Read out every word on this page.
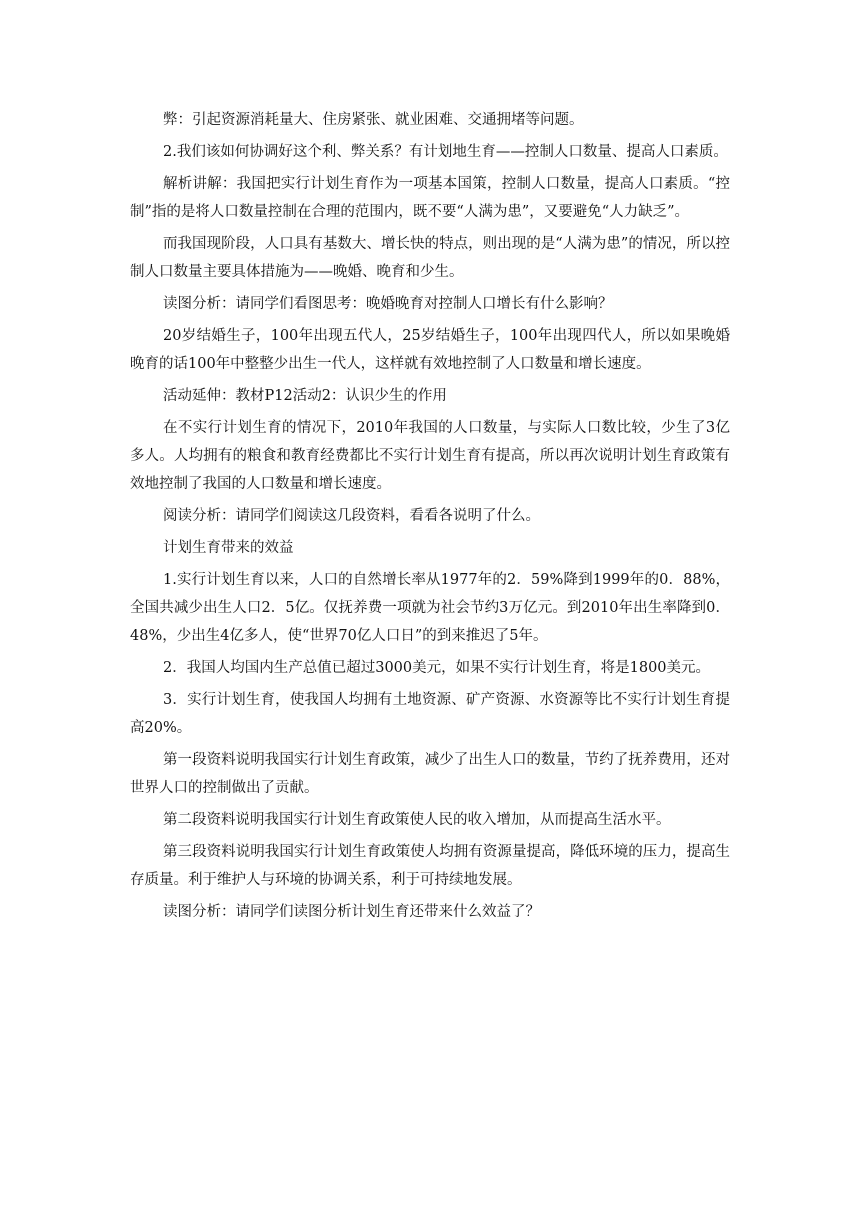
弊：引起资源消耗量大、住房紧张、就业困难、交通拥堵等问题。

2.我们该如何协调好这个利、弊关系？有计划地生育——控制人口数量、提高人口素质。

解析讲解：我国把实行计划生育作为一项基本国策，控制人口数量，提高人口素质。“控制”指的是将人口数量控制在合理的范围内，既不要“人满为患”，又要避免“人力缺乏”。

而我国现阶段，人口具有基数大、增长快的特点，则出现的是“人满为患”的情况，所以控制人口数量主要具体措施为——晚婚、晚育和少生。

读图分析：请同学们看图思考：晚婚晚育对控制人口增长有什么影响？

20岁结婚生子，100年出现五代人，25岁结婚生子，100年出现四代人，所以如果晚婚晚育的话100年中整整少出生一代人，这样就有效地控制了人口数量和增长速度。

活动延伸：教材P12活动2：认识少生的作用

在不实行计划生育的情况下，2010年我国的人口数量，与实际人口数比较，少生了3亿多人。人均拥有的粮食和教育经费都比不实行计划生育有提高，所以再次说明计划生育政策有效地控制了我国的人口数量和增长速度。

阅读分析：请同学们阅读这几段资料，看看各说明了什么。

计划生育带来的效益

1.实行计划生育以来，人口的自然增长率从1977年的2．59%降到1999年的0．88%，全国共减少出生人口2．5亿。仅抚养费一项就为社会节约3万亿元。到2010年出生率降到0．48%，少出生4亿多人，使“世界70亿人口日”的到来推迟了5年。

2．我国人均国内生产总值已超过3000美元，如果不实行计划生育，将是1800美元。

3．实行计划生育，使我国人均拥有土地资源、矿产资源、水资源等比不实行计划生育提高20%。

第一段资料说明我国实行计划生育政策，减少了出生人口的数量，节约了抚养费用，还对世界人口的控制做出了贡献。

第二段资料说明我国实行计划生育政策使人民的收入增加，从而提高生活水平。

第三段资料说明我国实行计划生育政策使人均拥有资源量提高，降低环境的压力，提高生存质量。利于维护人与环境的协调关系，利于可持续地发展。

读图分析：请同学们读图分析计划生育还带来什么效益了？
